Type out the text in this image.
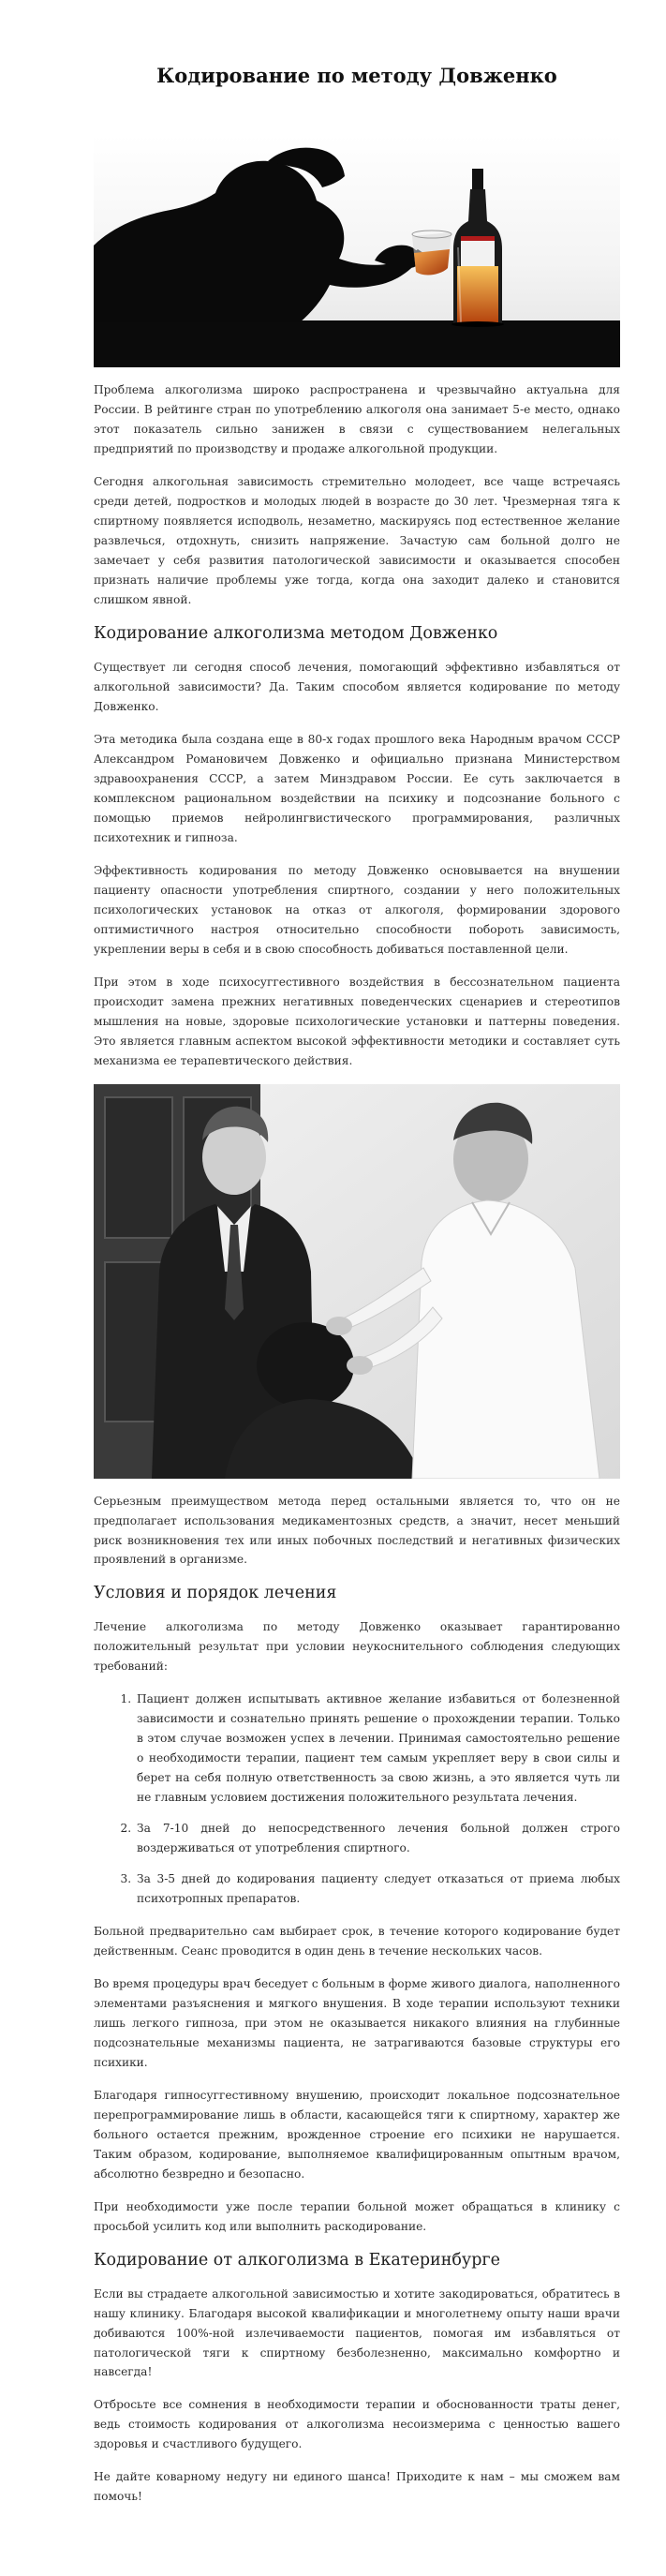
Кодирование по методу Довженко

Проблема алкоголизма широко распространена и чрезвычайно актуальна для России. В рейтинге стран по употреблению алкоголя она занимает 5-е место, однако этот показатель сильно занижен в связи с существованием нелегальных предприятий по производству и продаже алкогольной продукции.

Сегодня алкогольная зависимость стремительно молодеет, все чаще встречаясь среди детей, подростков и молодых людей в возрасте до 30 лет. Чрезмерная тяга к спиртному появляется исподволь, незаметно, маскируясь под естественное желание развлечься, отдохнуть, снизить напряжение. Зачастую сам больной долго не замечает у себя развития патологической зависимости и оказывается способен признать наличие проблемы уже тогда, когда она заходит далеко и становится слишком явной.

Кодирование алкоголизма методом Довженко

Существует ли сегодня способ лечения, помогающий эффективно избавляться от алкогольной зависимости? Да. Таким способом является кодирование по методу Довженко.

Эта методика была создана еще в 80-х годах прошлого века Народным врачом СССР Александром Романовичем Довженко и официально признана Министерством здравоохранения СССР, а затем Минздравом России. Ее суть заключается в комплексном рациональном воздействии на психику и подсознание больного с помощью приемов нейролингвистического программирования, различных психотехник и гипноза.

Эффективность кодирования по методу Довженко основывается на внушении пациенту опасности употребления спиртного, создании у него положительных психологических установок на отказ от алкоголя, формировании здорового оптимистичного настроя относительно способности побороть зависимость, укреплении веры в себя и в свою способность добиваться поставленной цели.

При этом в ходе психосуггестивного воздействия в бессознательном пациента происходит замена прежних негативных поведенческих сценариев и стереотипов мышления на новые, здоровые психологические установки и паттерны поведения. Это является главным аспектом высокой эффективности методики и составляет суть механизма ее терапевтического действия.

Серьезным преимуществом метода перед остальными является то, что он не предполагает использования медикаментозных средств, а значит, несет меньший риск возникновения тех или иных побочных последствий и негативных физических проявлений в организме.

Условия и порядок лечения

Лечение алкоголизма по методу Довженко оказывает гарантированно положительный результат при условии неукоснительного соблюдения следующих требований:

1. Пациент должен испытывать активное желание избавиться от болезненной зависимости и сознательно принять решение о прохождении терапии. Только в этом случае возможен успех в лечении. Принимая самостоятельно решение о необходимости терапии, пациент тем самым укрепляет веру в свои силы и берет на себя полную ответственность за свою жизнь, а это является чуть ли не главным условием достижения положительного результата лечения.
2. За 7-10 дней до непосредственного лечения больной должен строго воздерживаться от употребления спиртного.
3. За 3-5 дней до кодирования пациенту следует отказаться от приема любых психотропных препаратов.

Больной предварительно сам выбирает срок, в течение которого кодирование будет действенным. Сеанс проводится в один день в течение нескольких часов.

Во время процедуры врач беседует с больным в форме живого диалога, наполненного элементами разъяснения и мягкого внушения. В ходе терапии используют техники лишь легкого гипноза, при этом не оказывается никакого влияния на глубинные подсознательные механизмы пациента, не затрагиваются базовые структуры его психики.

Благодаря гипносуггестивному внушению, происходит локальное подсознательное перепрограммирование лишь в области, касающейся тяги к спиртному, характер же больного остается прежним, врожденное строение его психики не нарушается. Таким образом, кодирование, выполняемое квалифицированным опытным врачом, абсолютно безвредно и безопасно.

При необходимости уже после терапии больной может обращаться в клинику с просьбой усилить код или выполнить раскодирование.

Кодирование от алкоголизма в Екатеринбурге

Если вы страдаете алкогольной зависимостью и хотите закодироваться, обратитесь в нашу клинику. Благодаря высокой квалификации и многолетнему опыту наши врачи добиваются 100%-ной излечиваемости пациентов, помогая им избавляться от патологической тяги к спиртному безболезненно, максимально комфортно и навсегда!

Отбросьте все сомнения в необходимости терапии и обоснованности траты денег, ведь стоимость кодирования от алкоголизма несоизмерима с ценностью вашего здоровья и счастливого будущего.

Не дайте коварному недугу ни единого шанса! Приходите к нам – мы сможем вам помочь!
